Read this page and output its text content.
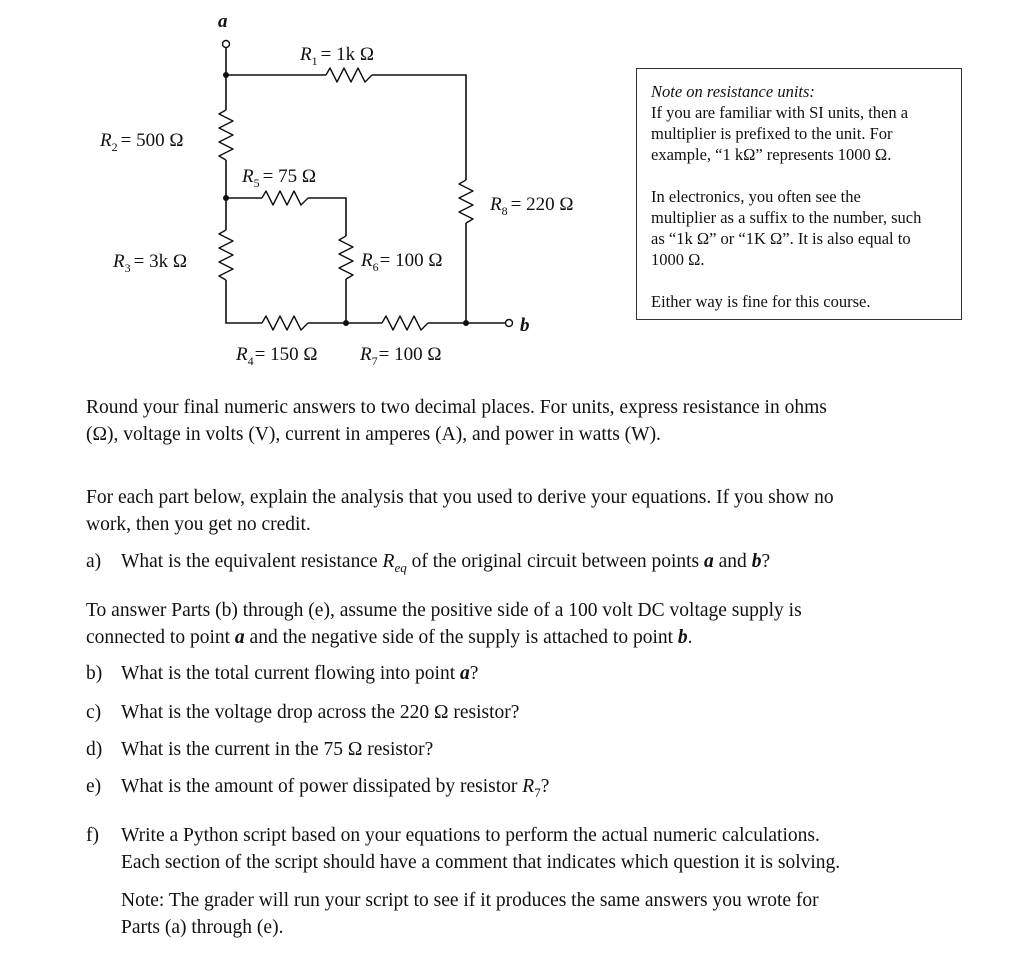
a
b
$R_1 = 1k$ Ω
$R_2 = 500$ Ω
$R_5 = 75$ Ω
$R_8 = 220$ Ω
$R_3 = 3k$ Ω	$R_6= 100$ Ω
$R_4= 150$ Ω $R_7= 100$ Ω

Note on resistance units:

If you are familiar with SI units, then a

multiplier is prefixed to the unit. For

example, “1 kΩ” represents 1000 Ω.

In electronics, you often see the

multiplier as a suffix to the number, such

as “1k Ω” or “1K Ω”. It is also equal to

1000 Ω.

Either way is fine for this course.

Round your final numeric answers to two decimal places. For units, express resistance in ohms

(Ω), voltage in volts (V), current in amperes (A), and power in watts (W).

For each part below, explain the analysis that you used to derive your equations. If you show no

work, then you get no credit.

a) What is the equivalent resistance $R_{eq}$ of the original circuit between points a and b?

To answer Parts (b) through (e), assume the positive side of a 100 volt DC voltage supply is

connected to point a and the negative side of the supply is attached to point b.

b) What is the total current flowing into point a?
c) What is the voltage drop across the 220 Ω resistor?
d) What is the current in the 75 Ω resistor?
e) What is the amount of power dissipated by resistor $R_7$?
f) Write a Python script based on your equations to perform the actual numeric calculations.
Each section of the script should have a comment that indicates which question it is solving.
Note: The grader will run your script to see if it produces the same answers you wrote for
Parts (a) through (e).
